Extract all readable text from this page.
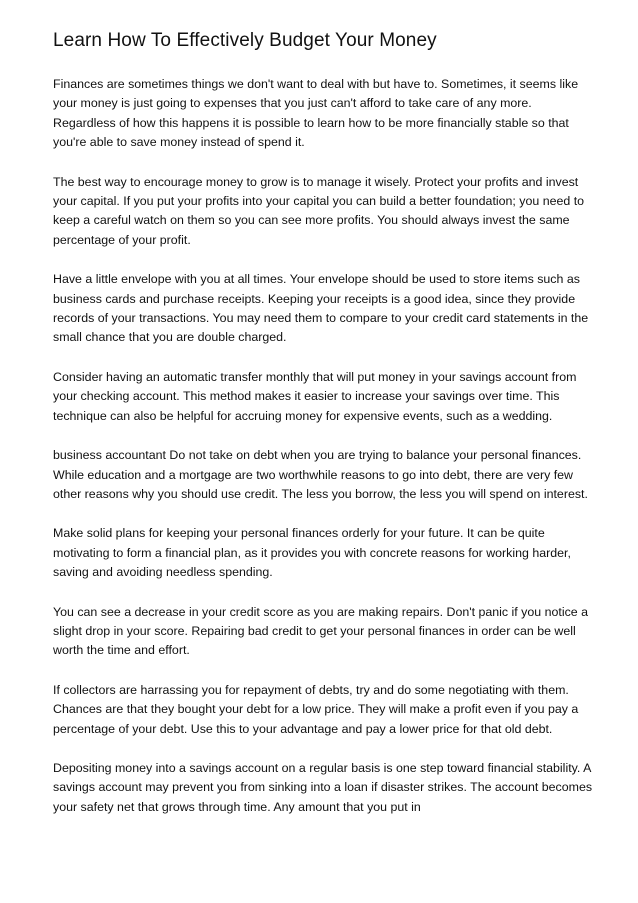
Learn How To Effectively Budget Your Money

Finances are sometimes things we don't want to deal with but have to. Sometimes, it seems like your money is just going to expenses that you just can't afford to take care of any more. Regardless of how this happens it is possible to learn how to be more financially stable so that you're able to save money instead of spend it.

The best way to encourage money to grow is to manage it wisely. Protect your profits and invest your capital. If you put your profits into your capital you can build a better foundation; you need to keep a careful watch on them so you can see more profits. You should always invest the same percentage of your profit.

Have a little envelope with you at all times. Your envelope should be used to store items such as business cards and purchase receipts. Keeping your receipts is a good idea, since they provide records of your transactions. You may need them to compare to your credit card statements in the small chance that you are double charged.

Consider having an automatic transfer monthly that will put money in your savings account from your checking account. This method makes it easier to increase your savings over time. This technique can also be helpful for accruing money for expensive events, such as a wedding.

business accountant Do not take on debt when you are trying to balance your personal finances. While education and a mortgage are two worthwhile reasons to go into debt, there are very few other reasons why you should use credit. The less you borrow, the less you will spend on interest.

Make solid plans for keeping your personal finances orderly for your future. It can be quite motivating to form a financial plan, as it provides you with concrete reasons for working harder, saving and avoiding needless spending.

You can see a decrease in your credit score as you are making repairs. Don't panic if you notice a slight drop in your score. Repairing bad credit to get your personal finances in order can be well worth the time and effort.

If collectors are harrassing you for repayment of debts, try and do some negotiating with them. Chances are that they bought your debt for a low price. They will make a profit even if you pay a percentage of your debt. Use this to your advantage and pay a lower price for that old debt.

Depositing money into a savings account on a regular basis is one step toward financial stability. A savings account may prevent you from sinking into a loan if disaster strikes. The account becomes your safety net that grows through time. Any amount that you put in
